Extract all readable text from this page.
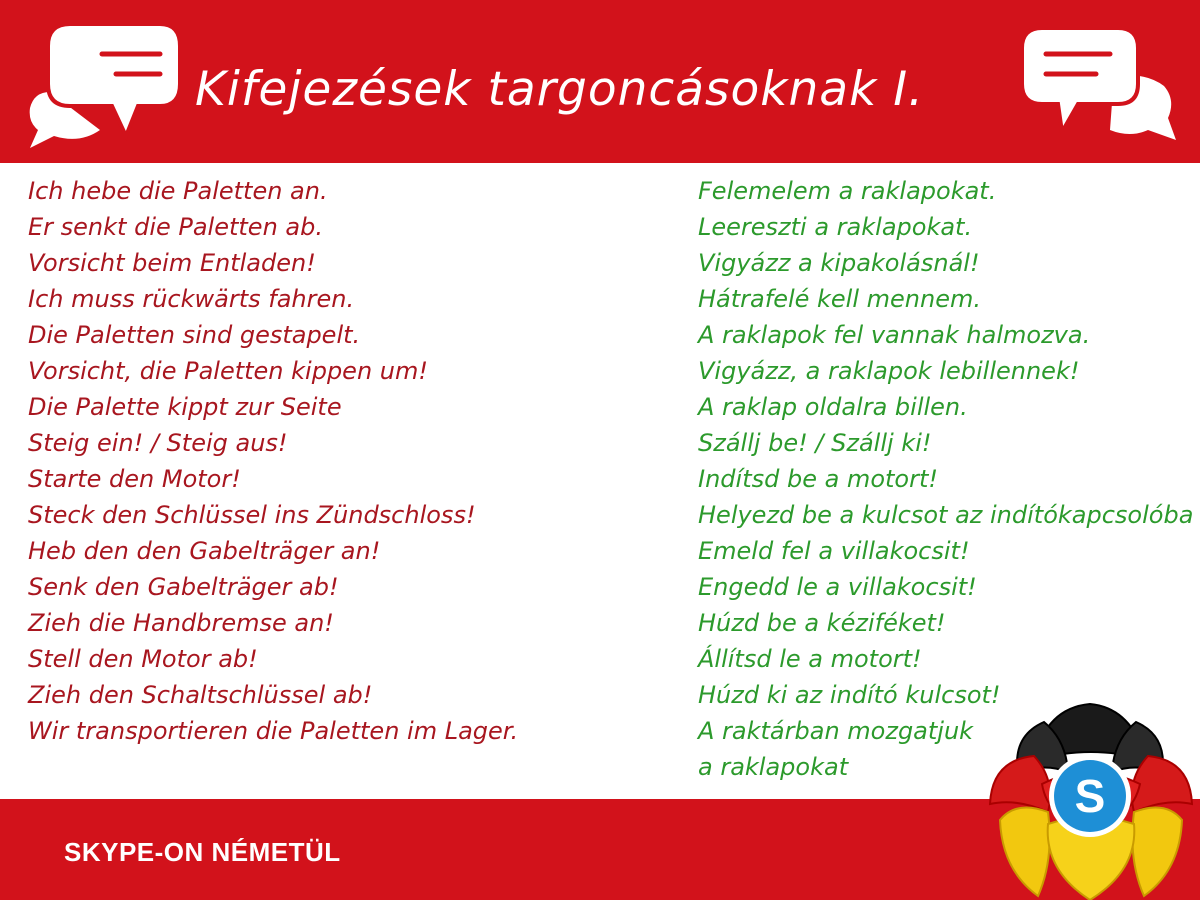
Kifejezések targoncásoknak I.
Ich hebe die Paletten an.
Er senkt die Paletten ab.
Vorsicht beim Entladen!
Ich muss rückwärts fahren.
Die Paletten sind gestapelt.
Vorsicht, die Paletten kippen um!
Die Palette kippt zur Seite
Steig ein! / Steig aus!
Starte den Motor!
Steck den Schlüssel ins Zündschloss!
Heb den den Gabelträger an!
Senk den Gabelträger ab!
Zieh die Handbremse an!
Stell den Motor ab!
Zieh den Schaltschlüssel ab!
Wir transportieren die Paletten im Lager.
Felemelem a raklapokat.
Leereszti a raklapokat.
Vigyázz a kipakolásnál!
Hátrafelé kell mennem.
A raklapok fel vannak halmozva.
Vigyázz, a raklapok lebillennek!
A raklap oldalra billen.
Szállj be! / Szállj ki!
Indítsd be a motort!
Helyezd be a kulcsot az indítókapcsolóba
Emeld fel a villakocsit!
Engedd le a villakocsit!
Húzd be a kéziféket!
Állítsd le a motort!
Húzd ki az indító kulcsot!
A raktárban mozgatjuk
a raklapokat
SKYPE-ON NÉMETÜL
S
